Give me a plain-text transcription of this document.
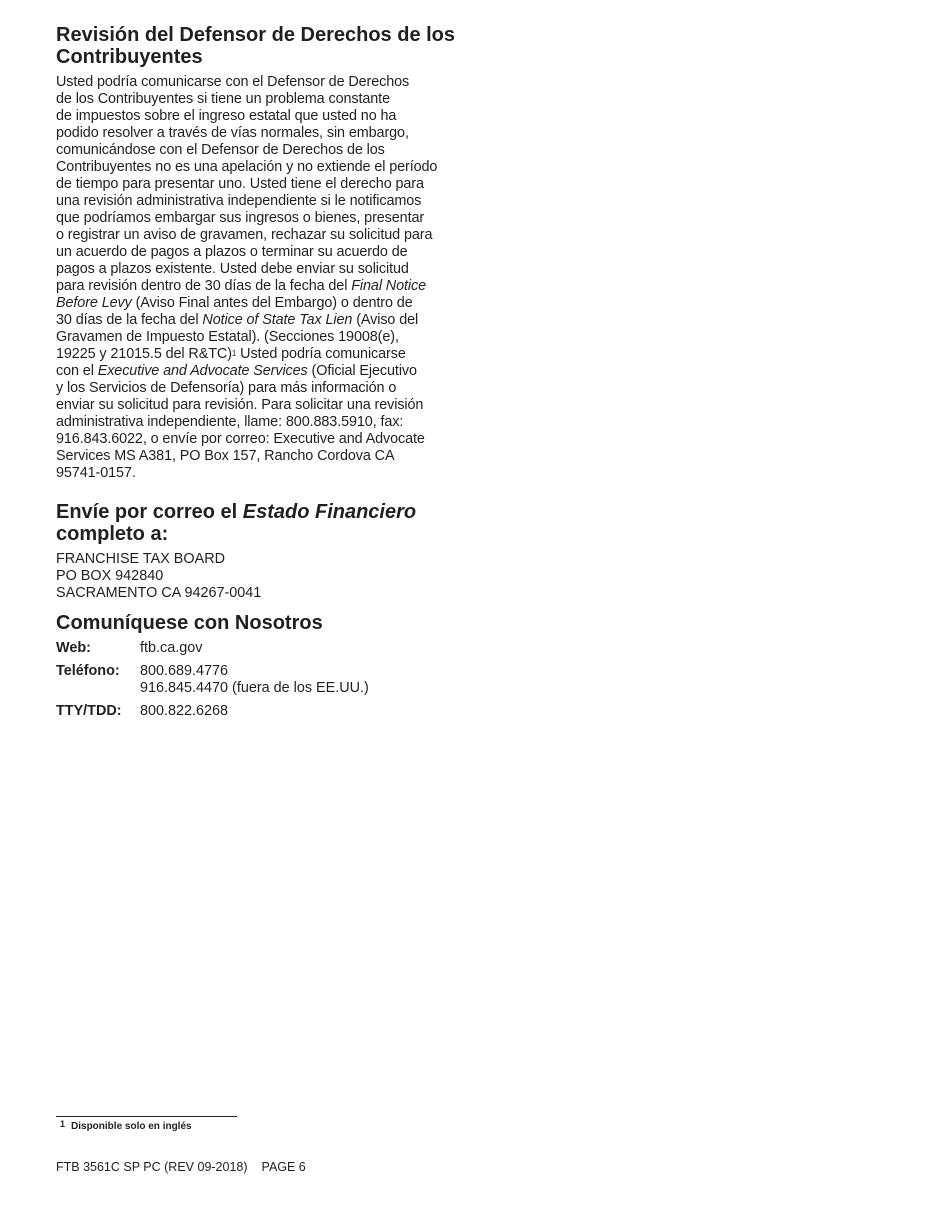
Revisión del Defensor de Derechos de los
Contribuyentes
Usted podría comunicarse con el Defensor de Derechos
de los Contribuyentes si tiene un problema constante
de impuestos sobre el ingreso estatal que usted no ha
podido resolver a través de vías normales, sin embargo,
comunicándose con el Defensor de Derechos de los
Contribuyentes no es una apelación y no extiende el período
de tiempo para presentar uno. Usted tiene el derecho para
una revisión administrativa independiente si le notificamos
que podríamos embargar sus ingresos o bienes, presentar
o registrar un aviso de gravamen, rechazar su solicitud para
un acuerdo de pagos a plazos o terminar su acuerdo de
pagos a plazos existente. Usted debe enviar su solicitud
para revisión dentro de 30 días de la fecha del Final Notice
Before Levy (Aviso Final antes del Embargo) o dentro de
30 días de la fecha del Notice of State Tax Lien (Aviso del
Gravamen de Impuesto Estatal). (Secciones 19008(e),
19225 y 21015.5 del R&TC)$^1$ Usted podría comunicarse
con el Executive and Advocate Services (Oficial Ejecutivo
y los Servicios de Defensoría) para más información o
enviar su solicitud para revisión. Para solicitar una revisión
administrativa independiente, llame: 800.883.5910, fax:
916.843.6022, o envíe por correo: Executive and Advocate
Services MS A381, PO Box 157, Rancho Cordova CA
95741-0157.
Envíe por correo el Estado Financiero
completo a:
FRANCHISE TAX BOARD
PO BOX 942840
SACRAMENTO CA 94267-0041
Comuníquese con Nosotros
Web:	ftb.ca.gov
Teléfono:	800.689.4776
916.845.4470 (fuera de los EE.UU.)
TTY/TDD:	800.822.6268
$^1$ Disponible solo en inglés
FTB 3561C SP PC (REV 09-2018) PAGE 6
